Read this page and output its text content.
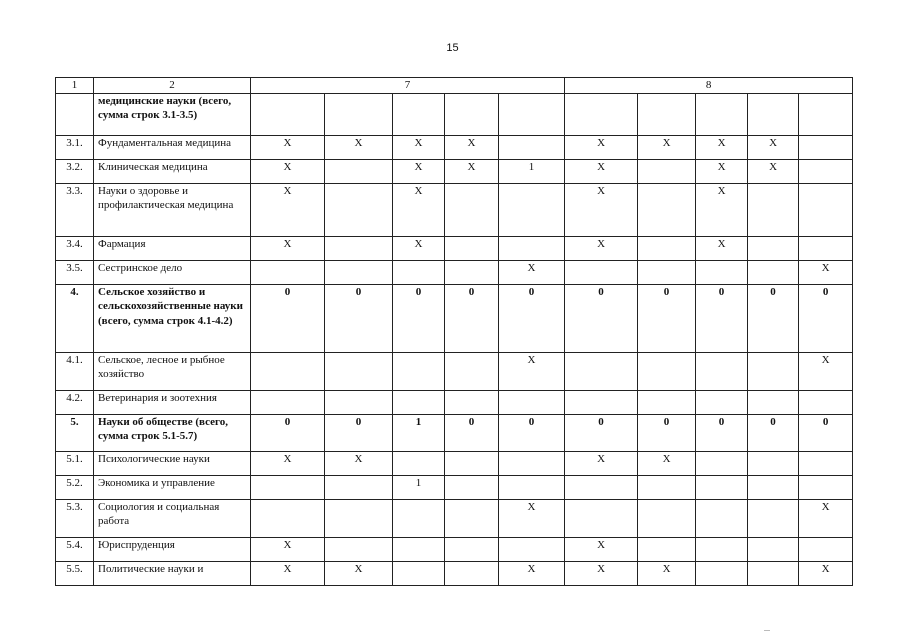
15
1	2	7					8				
	медицинские науки (всего, сумма строк 3.1-3.5)										
3.1.	Фундаментальная медицина	X	X	X	X		X	X	X	X	
3.2.	Клиническая медицина	X		X	X	1	X		X	X	
3.3.	Науки о здоровье и профилактическая медицина	X		X			X		X		
3.4.	Фармация	X		X			X		X		
3.5.	Сестринское дело					X					X
4.	Сельское хозяйство и сельскохозяйственные науки (всего, сумма строк 4.1-4.2)	0	0	0	0	0	0	0	0	0	0
4.1.	Сельское, лесное и рыбное хозяйство					X					X
4.2.	Ветеринария и зоотехния										
5.	Науки об обществе (всего, сумма строк 5.1-5.7)	0	0	1	0	0	0	0	0	0	0
5.1.	Психологические науки	X	X				X	X			
5.2.	Экономика и управление			1							
5.3.	Социология и социальная работа					X					X
5.4.	Юриспруденция	X					X				
5.5.	Политические науки и	X	X			X	X	X			X
